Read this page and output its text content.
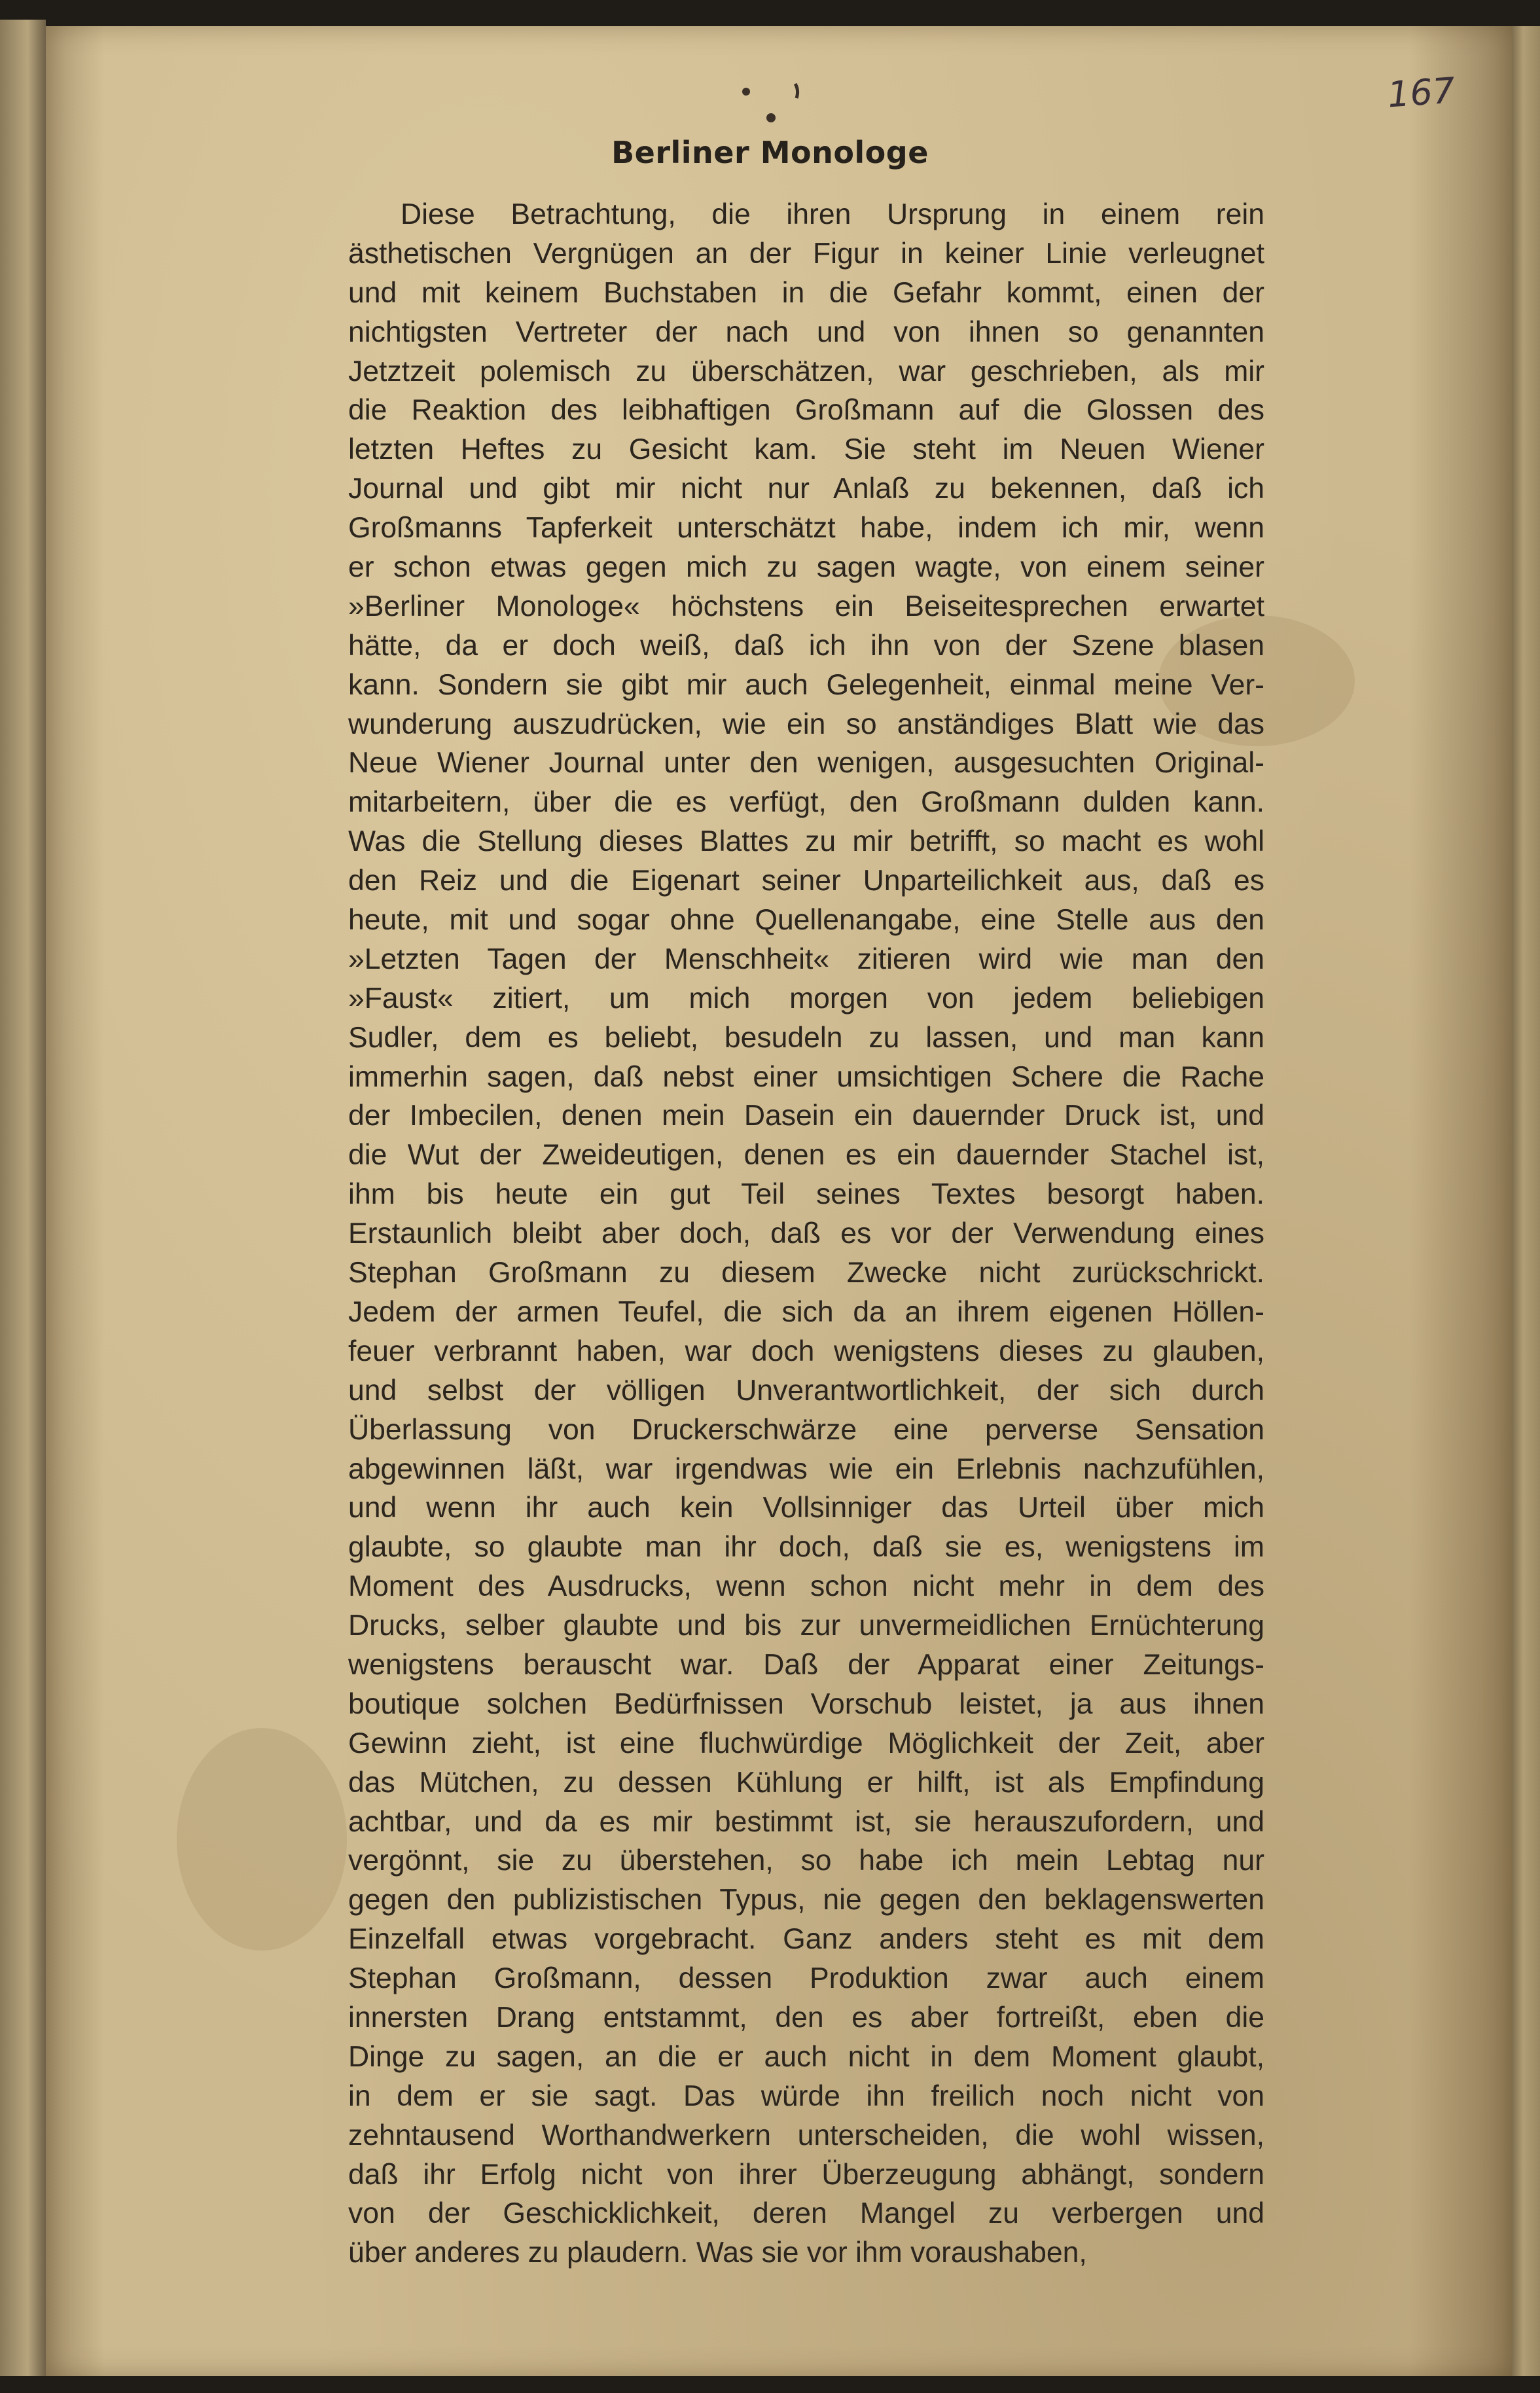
167
Berliner Monologe
Diese Betrachtung, die ihren Ursprung in einem rein
ästhetischen Vergnügen an der Figur in keiner Linie verleugnet
und mit keinem Buchstaben in die Gefahr kommt, einen der
nichtigsten Vertreter der nach und von ihnen so genannten
Jetztzeit polemisch zu überschätzen, war geschrieben, als mir
die Reaktion des leibhaftigen Großmann auf die Glossen des
letzten Heftes zu Gesicht kam. Sie steht im Neuen Wiener
Journal und gibt mir nicht nur Anlaß zu bekennen, daß ich
Großmanns Tapferkeit unterschätzt habe, indem ich mir, wenn
er schon etwas gegen mich zu sagen wagte, von einem seiner
»Berliner Monologe« höchstens ein Beiseitesprechen erwartet
hätte, da er doch weiß, daß ich ihn von der Szene blasen
kann. Sondern sie gibt mir auch Gelegenheit, einmal meine Ver-
wunderung auszudrücken, wie ein so anständiges Blatt wie das
Neue Wiener Journal unter den wenigen, ausgesuchten Original-
mitarbeitern, über die es verfügt, den Großmann dulden kann.
Was die Stellung dieses Blattes zu mir betrifft, so macht es wohl
den Reiz und die Eigenart seiner Unparteilichkeit aus, daß es
heute, mit und sogar ohne Quellenangabe, eine Stelle aus den
»Letzten Tagen der Menschheit« zitieren wird wie man den
»Faust« zitiert, um mich morgen von jedem beliebigen
Sudler, dem es beliebt, besudeln zu lassen, und man kann
immerhin sagen, daß nebst einer umsichtigen Schere die Rache
der Imbecilen, denen mein Dasein ein dauernder Druck ist, und
die Wut der Zweideutigen, denen es ein dauernder Stachel ist,
ihm bis heute ein gut Teil seines Textes besorgt haben.
Erstaunlich bleibt aber doch, daß es vor der Verwendung eines
Stephan Großmann zu diesem Zwecke nicht zurückschrickt.
Jedem der armen Teufel, die sich da an ihrem eigenen Höllen-
feuer verbrannt haben, war doch wenigstens dieses zu glauben,
und selbst der völligen Unverantwortlichkeit, der sich durch
Überlassung von Druckerschwärze eine perverse Sensation
abgewinnen läßt, war irgendwas wie ein Erlebnis nachzufühlen,
und wenn ihr auch kein Vollsinniger das Urteil über mich
glaubte, so glaubte man ihr doch, daß sie es, wenigstens im
Moment des Ausdrucks, wenn schon nicht mehr in dem des
Drucks, selber glaubte und bis zur unvermeidlichen Ernüchterung
wenigstens berauscht war. Daß der Apparat einer Zeitungs-
boutique solchen Bedürfnissen Vorschub leistet, ja aus ihnen
Gewinn zieht, ist eine fluchwürdige Möglichkeit der Zeit, aber
das Mütchen, zu dessen Kühlung er hilft, ist als Empfindung
achtbar, und da es mir bestimmt ist, sie herauszufordern, und
vergönnt, sie zu überstehen, so habe ich mein Lebtag nur
gegen den publizistischen Typus, nie gegen den beklagenswerten
Einzelfall etwas vorgebracht. Ganz anders steht es mit dem
Stephan Großmann, dessen Produktion zwar auch einem
innersten Drang entstammt, den es aber fortreißt, eben die
Dinge zu sagen, an die er auch nicht in dem Moment glaubt,
in dem er sie sagt. Das würde ihn freilich noch nicht von
zehntausend Worthandwerkern unterscheiden, die wohl wissen,
daß ihr Erfolg nicht von ihrer Überzeugung abhängt, sondern
von der Geschicklichkeit, deren Mangel zu verbergen und
über anderes zu plaudern. Was sie vor ihm voraushaben,
